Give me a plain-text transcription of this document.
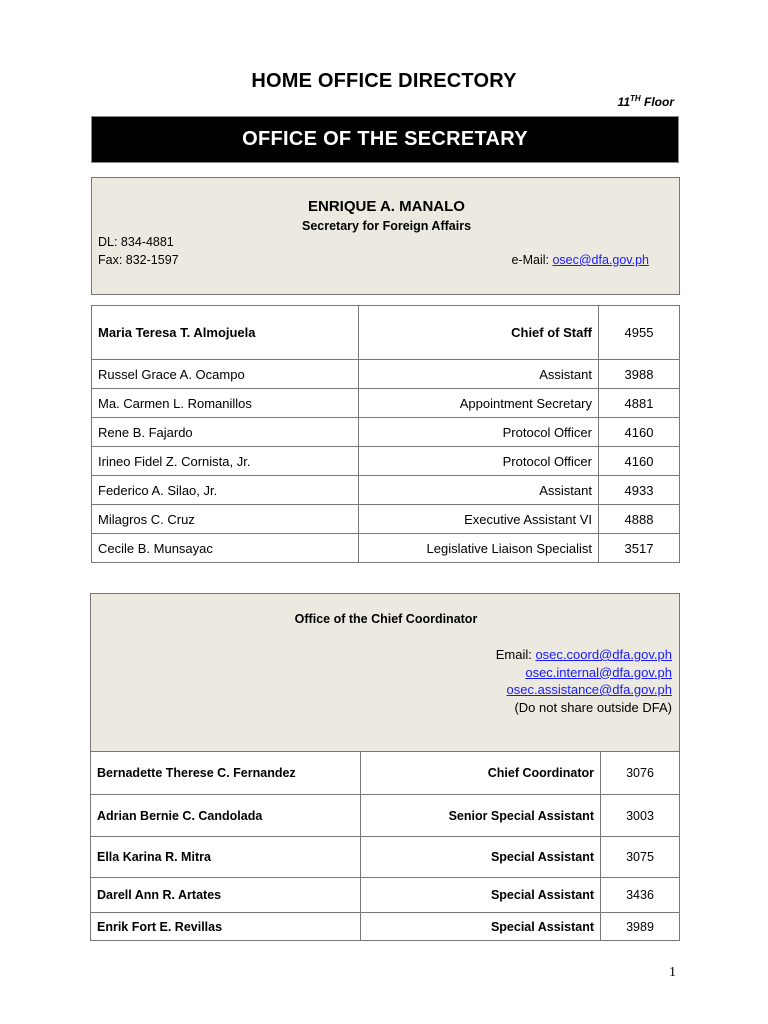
HOME OFFICE DIRECTORY
11TH Floor
OFFICE OF THE SECRETARY
ENRIQUE A. MANALO
Secretary for Foreign Affairs
DL: 834-4881
Fax: 832-1597	e-Mail: osec@dfa.gov.ph
Maria Teresa T. Almojuela	Chief of Staff	4955
Russel Grace A. Ocampo	Assistant	3988
Ma. Carmen L. Romanillos	Appointment Secretary	4881
Rene B. Fajardo	Protocol Officer	4160
Irineo Fidel Z. Cornista, Jr.	Protocol Officer	4160
Federico A. Silao, Jr.	Assistant	4933
Milagros C. Cruz	Executive Assistant VI	4888
Cecile B. Munsayac	Legislative Liaison Specialist	3517
Office of the Chief Coordinator
Email: osec.coord@dfa.gov.ph
osec.internal@dfa.gov.ph
osec.assistance@dfa.gov.ph
(Do not share outside DFA)
Bernadette Therese C. Fernandez	Chief Coordinator	3076
Adrian Bernie C. Candolada	Senior Special Assistant	3003
Ella Karina R. Mitra	Special Assistant	3075
Darell Ann R. Artates	Special Assistant	3436
Enrik Fort E. Revillas	Special Assistant	3989
1
